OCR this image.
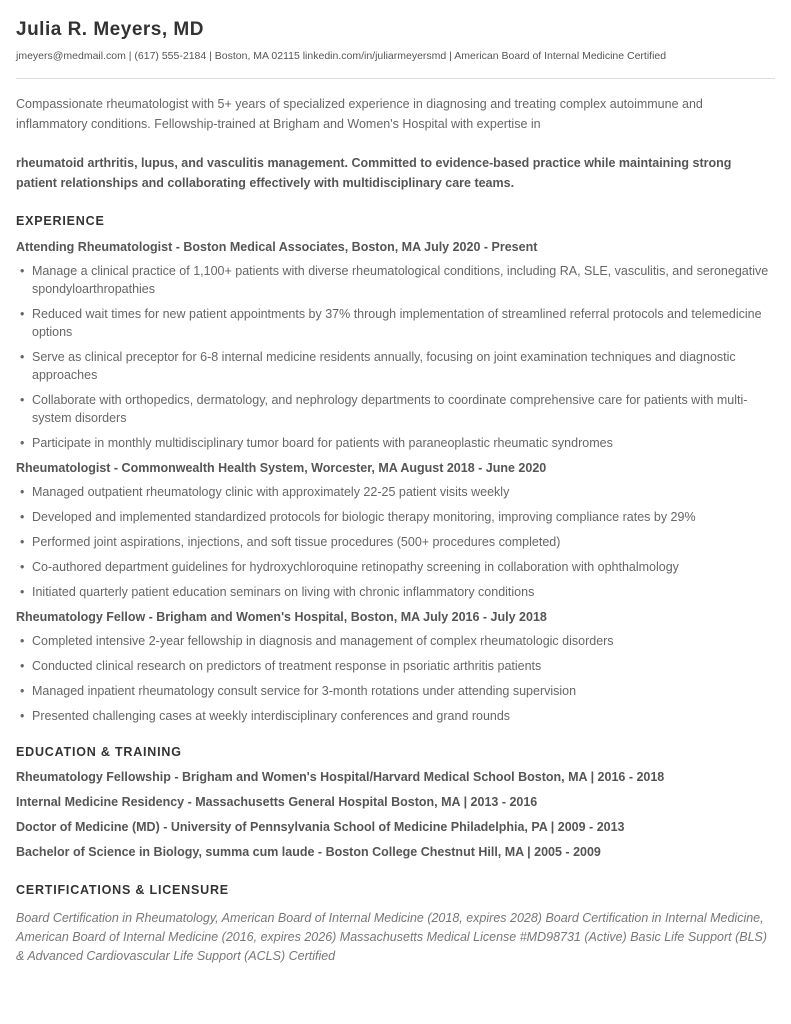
Julia R. Meyers, MD
jmeyers@medmail.com | (617) 555-2184 | Boston, MA 02115 linkedin.com/in/juliarmeyersmd | American Board of Internal Medicine Certified
Compassionate rheumatologist with 5+ years of specialized experience in diagnosing and treating complex autoimmune and inflammatory conditions. Fellowship-trained at Brigham and Women's Hospital with expertise in
rheumatoid arthritis, lupus, and vasculitis management. Committed to evidence-based practice while maintaining strong patient relationships and collaborating effectively with multidisciplinary care teams.
EXPERIENCE
Attending Rheumatologist - Boston Medical Associates, Boston, MA July 2020 - Present
• Manage a clinical practice of 1,100+ patients with diverse rheumatological conditions, including RA, SLE, vasculitis, and seronegative spondyloarthropathies
• Reduced wait times for new patient appointments by 37% through implementation of streamlined referral protocols and telemedicine options
• Serve as clinical preceptor for 6-8 internal medicine residents annually, focusing on joint examination techniques and diagnostic approaches
• Collaborate with orthopedics, dermatology, and nephrology departments to coordinate comprehensive care for patients with multi-system disorders
• Participate in monthly multidisciplinary tumor board for patients with paraneoplastic rheumatic syndromes
Rheumatologist - Commonwealth Health System, Worcester, MA August 2018 - June 2020
• Managed outpatient rheumatology clinic with approximately 22-25 patient visits weekly
• Developed and implemented standardized protocols for biologic therapy monitoring, improving compliance rates by 29%
• Performed joint aspirations, injections, and soft tissue procedures (500+ procedures completed)
• Co-authored department guidelines for hydroxychloroquine retinopathy screening in collaboration with ophthalmology
• Initiated quarterly patient education seminars on living with chronic inflammatory conditions
Rheumatology Fellow - Brigham and Women's Hospital, Boston, MA July 2016 - July 2018
• Completed intensive 2-year fellowship in diagnosis and management of complex rheumatologic disorders
• Conducted clinical research on predictors of treatment response in psoriatic arthritis patients
• Managed inpatient rheumatology consult service for 3-month rotations under attending supervision
• Presented challenging cases at weekly interdisciplinary conferences and grand rounds
EDUCATION & TRAINING
Rheumatology Fellowship - Brigham and Women's Hospital/Harvard Medical School Boston, MA | 2016 - 2018
Internal Medicine Residency - Massachusetts General Hospital Boston, MA | 2013 - 2016
Doctor of Medicine (MD) - University of Pennsylvania School of Medicine Philadelphia, PA | 2009 - 2013
Bachelor of Science in Biology, summa cum laude - Boston College Chestnut Hill, MA | 2005 - 2009
CERTIFICATIONS & LICENSURE
Board Certification in Rheumatology, American Board of Internal Medicine (2018, expires 2028) Board Certification in Internal Medicine, American Board of Internal Medicine (2016, expires 2026) Massachusetts Medical License #MD98731 (Active) Basic Life Support (BLS) & Advanced Cardiovascular Life Support (ACLS) Certified
